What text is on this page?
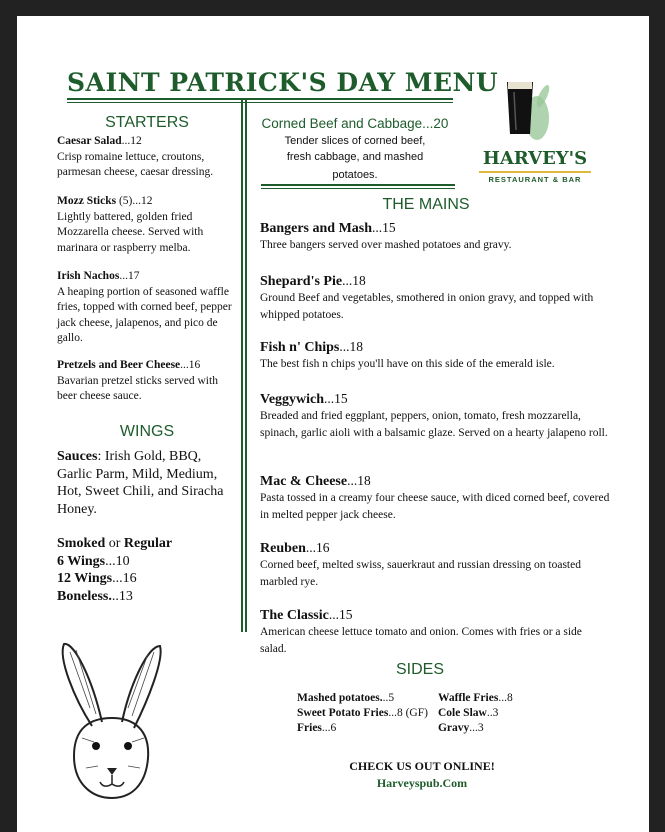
SAINT PATRICK'S DAY MENU
HARVEY'S
RESTAURANT & BAR
STARTERS
Caesar Salad...12
Crisp romaine lettuce, croutons, parmesan cheese, caesar dressing.
Mozz Sticks (5)...12
Lightly battered, golden fried Mozzarella cheese. Served with marinara or raspberry melba.
Irish Nachos...17
A heaping portion of seasoned waffle fries, topped with corned beef, pepper jack cheese, jalapenos, and pico de gallo.
Pretzels and Beer Cheese...16
Bavarian pretzel sticks served with beer cheese sauce.
WINGS
Sauces: Irish Gold, BBQ, Garlic Parm, Mild, Medium, Hot, Sweet Chili, and Siracha Honey.
Smoked or Regular
6 Wings...10
12 Wings...16
Boneless...13
Corned Beef and Cabbage...20
Tender slices of corned beef, fresh cabbage, and mashed
potatoes.
THE MAINS
Bangers and Mash...15
Three bangers served over mashed potatoes and gravy.
Shepard's Pie...18
Ground Beef and vegetables, smothered in onion gravy, and topped with whipped potatoes.
Fish n' Chips...18
The best fish n chips you'll have on this side of the emerald isle.
Veggywich...15
Breaded and fried eggplant, peppers, onion, tomato, fresh mozzarella, spinach, garlic aioli with a balsamic glaze. Served on a hearty jalapeno roll.
Mac & Cheese...18
Pasta tossed in a creamy four cheese sauce, with diced corned beef, covered in melted pepper jack cheese.
Reuben...16
Corned beef, melted swiss, sauerkraut and russian dressing on toasted marbled rye.
The Classic...15
American cheese lettuce tomato and onion. Comes with fries or a side salad.
SIDES
Mashed potatoes...5	Waffle Fries...8
Sweet Potato Fries...8 (GF)	Cole Slaw..3
Fries...6	Gravy...3
CHECK US OUT ONLINE!
Harveyspub.Com
